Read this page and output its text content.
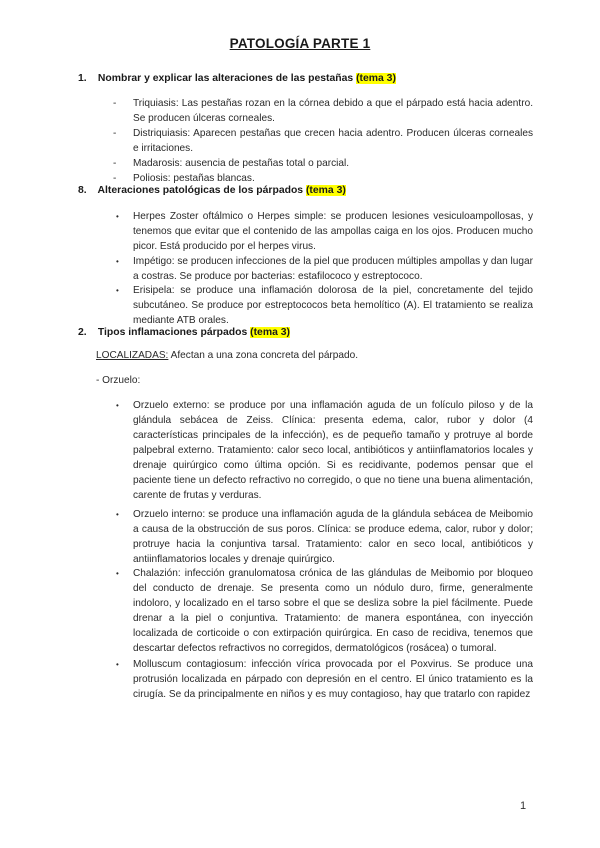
PATOLOGÍA PARTE 1
1. Nombrar y explicar las alteraciones de las pestañas (tema 3)
- Triquiasis: Las pestañas rozan en la córnea debido a que el párpado está hacia adentro. Se producen úlceras corneales.
- Distriquiasis: Aparecen pestañas que crecen hacia adentro. Producen úlceras corneales e irritaciones.
- Madarosis: ausencia de pestañas total o parcial.
- Poliosis: pestañas blancas.
8. Alteraciones patológicas de los párpados (tema 3)
• Herpes Zoster oftálmico o Herpes simple: se producen lesiones vesiculoampollosas, y tenemos que evitar que el contenido de las ampollas caiga en los ojos. Producen mucho picor. Está producido por el herpes virus.
• Impétigo: se producen infecciones de la piel que producen múltiples ampollas y dan lugar a costras. Se produce por bacterias: estafilococo y estreptococo.
• Erisipela: se produce una inflamación dolorosa de la piel, concretamente del tejido subcutáneo. Se produce por estreptococos beta hemolítico (A). El tratamiento se realiza mediante ATB orales.
2. Tipos inflamaciones párpados (tema 3)
LOCALIZADAS: Afectan a una zona concreta del párpado.
- Orzuelo:
• Orzuelo externo: se produce por una inflamación aguda de un folículo piloso y de la glándula sebácea de Zeiss. Clínica: presenta edema, calor, rubor y dolor (4 características principales de la infección), es de pequeño tamaño y protruye al borde palpebral externo. Tratamiento: calor seco local, antibióticos y antiinflamatorios locales y drenaje quirúrgico como última opción. Si es recidivante, podemos pensar que el paciente tiene un defecto refractivo no corregido, o que no tiene una buena alimentación, carente de frutas y verduras.
• Orzuelo interno: se produce una inflamación aguda de la glándula sebácea de Meibomio a causa de la obstrucción de sus poros. Clínica: se produce edema, calor, rubor y dolor; protruye hacia la conjuntiva tarsal. Tratamiento: calor en seco local, antibióticos y antiinflamatorios locales y drenaje quirúrgico.
• Chalazión: infección granulomatosa crónica de las glándulas de Meibomio por bloqueo del conducto de drenaje. Se presenta como un nódulo duro, firme, generalmente indoloro, y localizado en el tarso sobre el que se desliza sobre la piel fácilmente. Puede drenar a la piel o conjuntiva. Tratamiento: de manera espontánea, con inyección localizada de corticoide o con extirpación quirúrgica. En caso de recidiva, tenemos que descartar defectos refractivos no corregidos, dermatológicos (rosácea) o tumoral.
• Molluscum contagiosum: infección vírica provocada por el Poxvirus. Se produce una protrusión localizada en párpado con depresión en el centro. El único tratamiento es la cirugía. Se da principalmente en niños y es muy contagioso, hay que tratarlo con rapidez
1
